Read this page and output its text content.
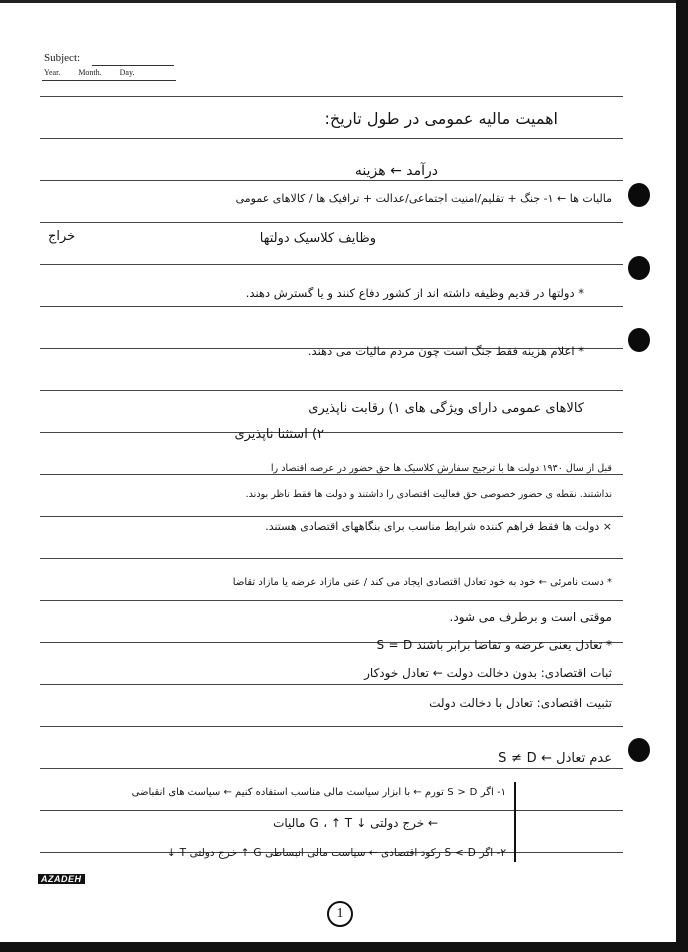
Subject:
Year. Month. Day.
اهمیت مالیه عمومی در طول تاریخ:
درآمد ← هزینه
مالیات ها ← ۱- جنگ + تقلیم/امنیت اجتماعی/عدالت + ترافیک ها / کالاهای عمومی
خراج	وظایف کلاسیک دولتها
* دولتها در قدیم وظیفه داشته اند از کشور دفاع کنند و یا گسترش دهند.
* اعلام هزینه فقط جنگ است چون مردم مالیات می دهند.
کالاهای عمومی دارای ویژگی های ۱) رقابت ناپذیری
۲) استثنا ناپذیری
قبل از سال ۱۹۳۰ دولت ها با ترجیح سفارش کلاسیک ها حق حضور در عرصه اقتصاد را
نداشتند. نقطه ی حضور خصوصی حق فعالیت اقتصادی را داشتند و دولت ها فقط ناظر بودند.
× دولت ها فقط فراهم کننده شرایط مناسب برای بنگاههای اقتصادی هستند.
* دست نامرئی ← خود به خود تعادل اقتصادی ایجاد می کند / عنی مازاد عرضه یا مازاد تقاضا
موقتی است و برطرف می شود.
* تعادل یعنی عرضه و تقاضا برابر باشند S = D
ثبات اقتصادی: بدون دخالت دولت ← تعادل خودکار
تثبیت اقتصادی: تعادل با دخالت دولت
عدم تعادل ← S ≠ D
۱- اگر S > D تورم ← با ابزار سیاست مالی مناسب استفاده کنیم ← سیاست های انقباضی
← خرج دولتی ↓ G ، ↑ T مالیات
۲- اگر S < D رکود اقتصادی ← سیاست مالی انبساطی G ↑ خرج دولتی T ↓
AZADEH
1
